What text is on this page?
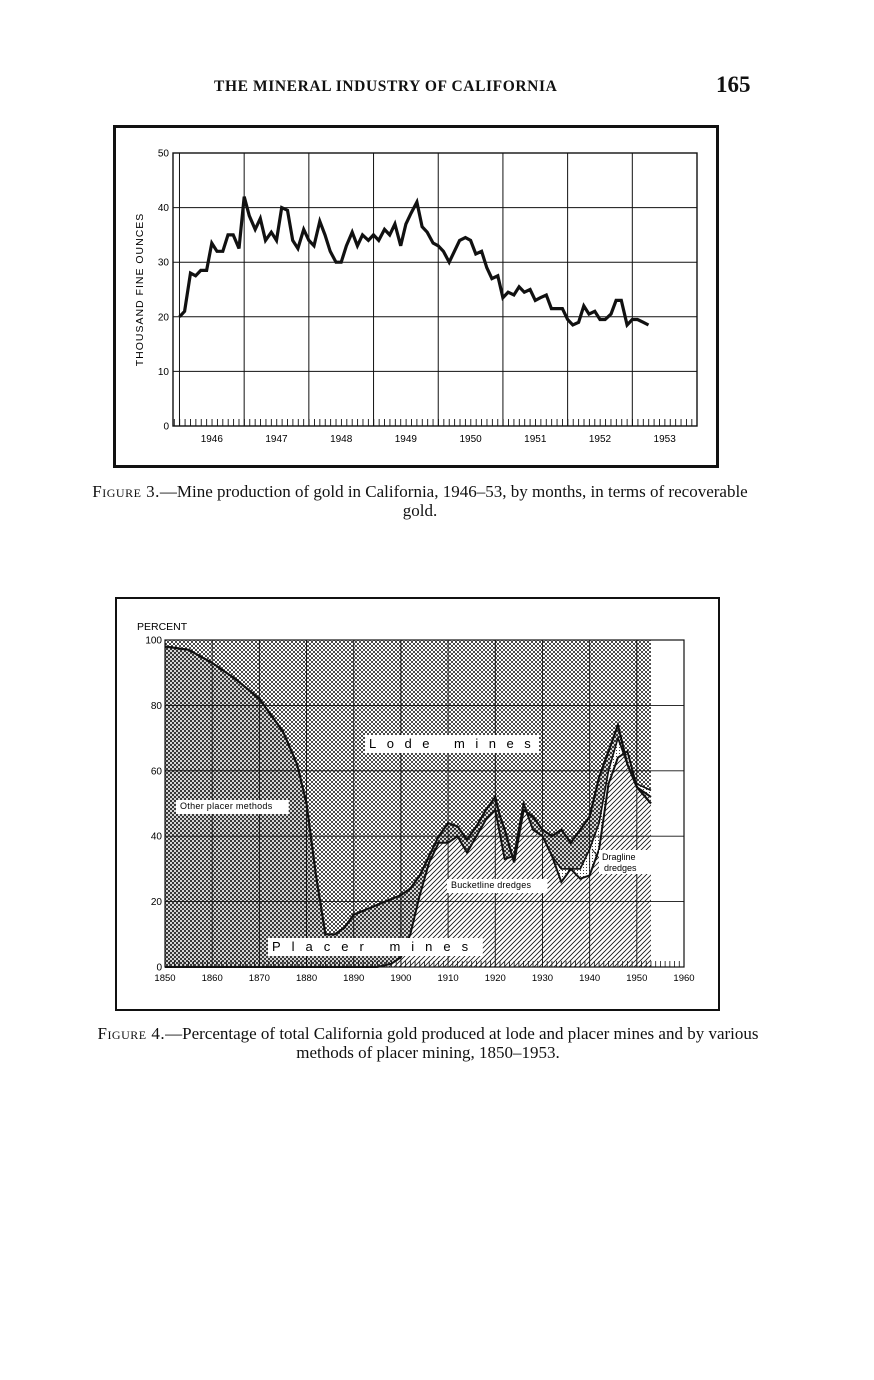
THE MINERAL INDUSTRY OF CALIFORNIA	165
0
10
20
30
40
50
1946	1947	1948	1949	1950	1951	1952	1953
THOUSAND FINE OUNCES
Figure 3.—Mine production of gold in California, 1946–53, by months, in terms of recoverable gold.
0
20
40
60
80
100
1850	1860	1870	1880	1890	1900	1910	1920	1930	1940	1950	1960
PERCENT
Lode mines
Placer mines
Other placer methods
Bucketline dredges
Dragline
dredges
Figure 4.—Percentage of total California gold produced at lode and placer mines and by various methods of placer mining, 1850–1953.
